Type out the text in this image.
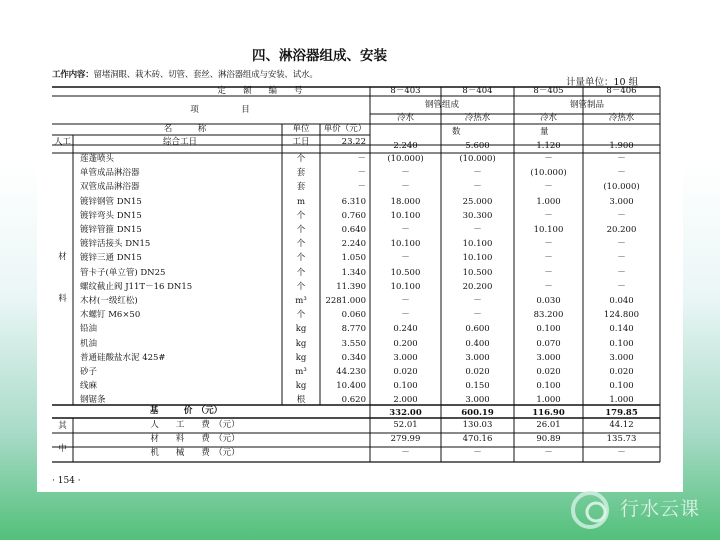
四、淋浴器组成、安装
工作内容：留堵洞眼、栽木砖、切管、套丝、淋浴器组成与安装、试水。
计量单位：10 组
定　　额　　编　　号	8－403	8－404	8－405	8－406
项　　　　　目	钢管组成	钢管制品
冷水	冷热水	冷水	冷热水
名　　　称	单位	单价（元）	数	量
人工	综合工日	工日	23.22	2.240	5.600	1.120	1.900
材
料
莲蓬喷头	个	－	(10.000)	(10.000)	－	－
单管成品淋浴器	套	－	－	－	(10.000)	－
双管成品淋浴器	套	－	－	－	－	(10.000)
镀锌钢管 DN15	m	6.310	18.000	25.000	1.000	3.000
镀锌弯头 DN15	个	0.760	10.100	30.300	－	－
镀锌管箍 DN15	个	0.640	－	－	10.100	20.200
镀锌活接头 DN15	个	2.240	10.100	10.100	－	－
镀锌三通 DN15	个	1.050	－	10.100	－	－
管卡子(单立管) DN25	个	1.340	10.500	10.500	－	－
螺纹截止阀 J11T－16 DN15	个	11.390	10.100	20.200	－	－
木材(一级红松)	m³	2281.000	－	－	0.030	0.040
木螺钉 M6×50	个	0.060	－	－	83.200	124.800
铅油	kg	8.770	0.240	0.600	0.100	0.140
机油	kg	3.550	0.200	0.400	0.070	0.100
普通硅酸盐水泥 425#	kg	0.340	3.000	3.000	3.000	3.000
砂子	m³	44.230	0.020	0.020	0.020	0.020
线麻	kg	10.400	0.100	0.150	0.100	0.100
钢锯条	根	0.620	2.000	3.000	1.000	1.000
基　　　价　（元）	332.00	600.19	116.90	179.85
其
中
人　　工　　费　（元）	52.01	130.03	26.01	44.12
材　　料　　费　（元）	279.99	470.16	90.89	135.73
机　　械　　费　（元）	－	－	－	－
· 154 ·
行水云课
